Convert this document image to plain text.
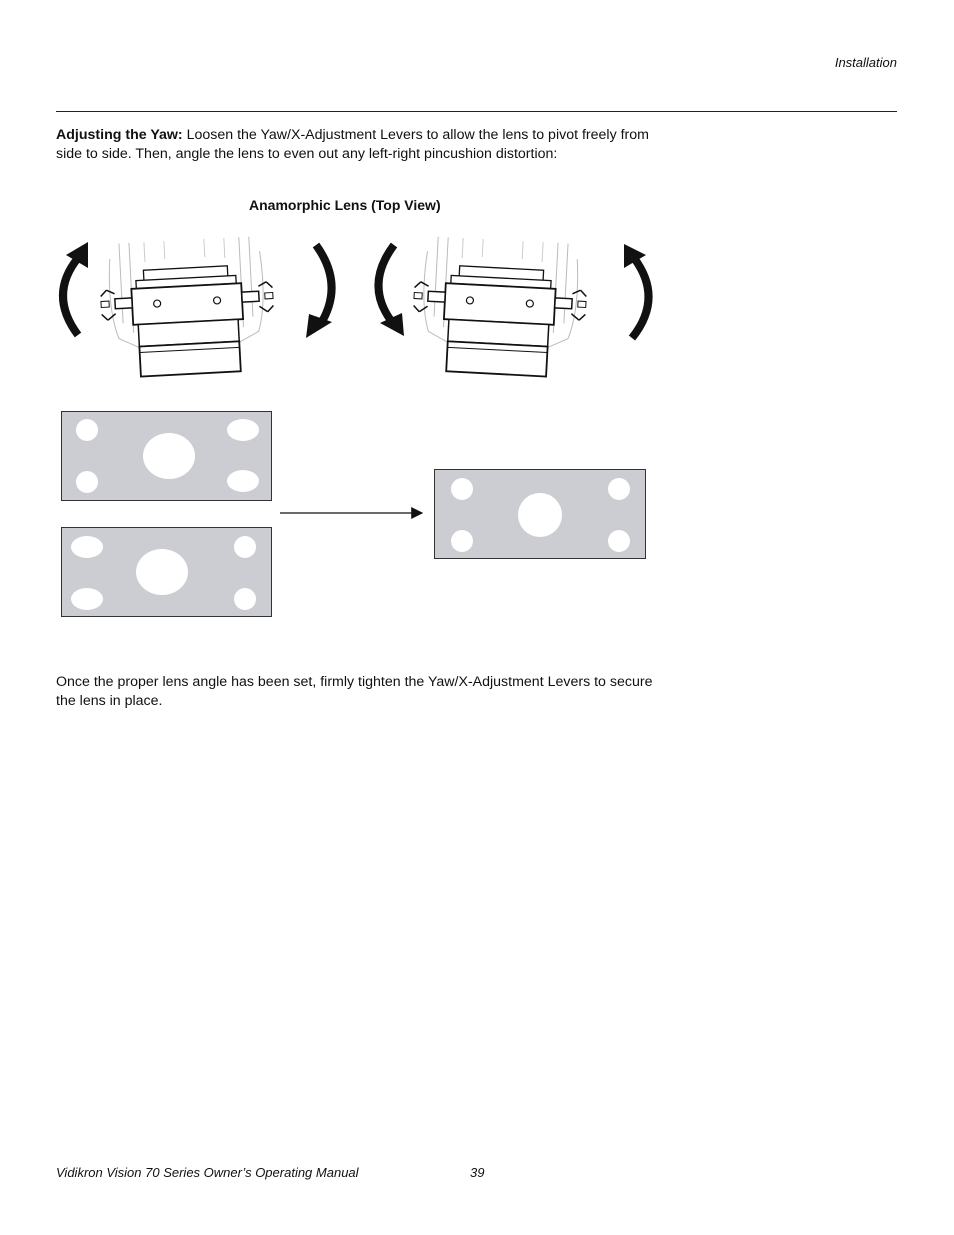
Installation
Adjusting the Yaw: Loosen the Yaw/X-Adjustment Levers to allow the lens to pivot freely from side to side. Then, angle the lens to even out any left-right pincushion distortion:
Anamorphic Lens (Top View)
Once the proper lens angle has been set, firmly tighten the Yaw/X-Adjustment Levers to secure the lens in place.
Vidikron Vision 70 Series Owner’s Operating Manual	39
